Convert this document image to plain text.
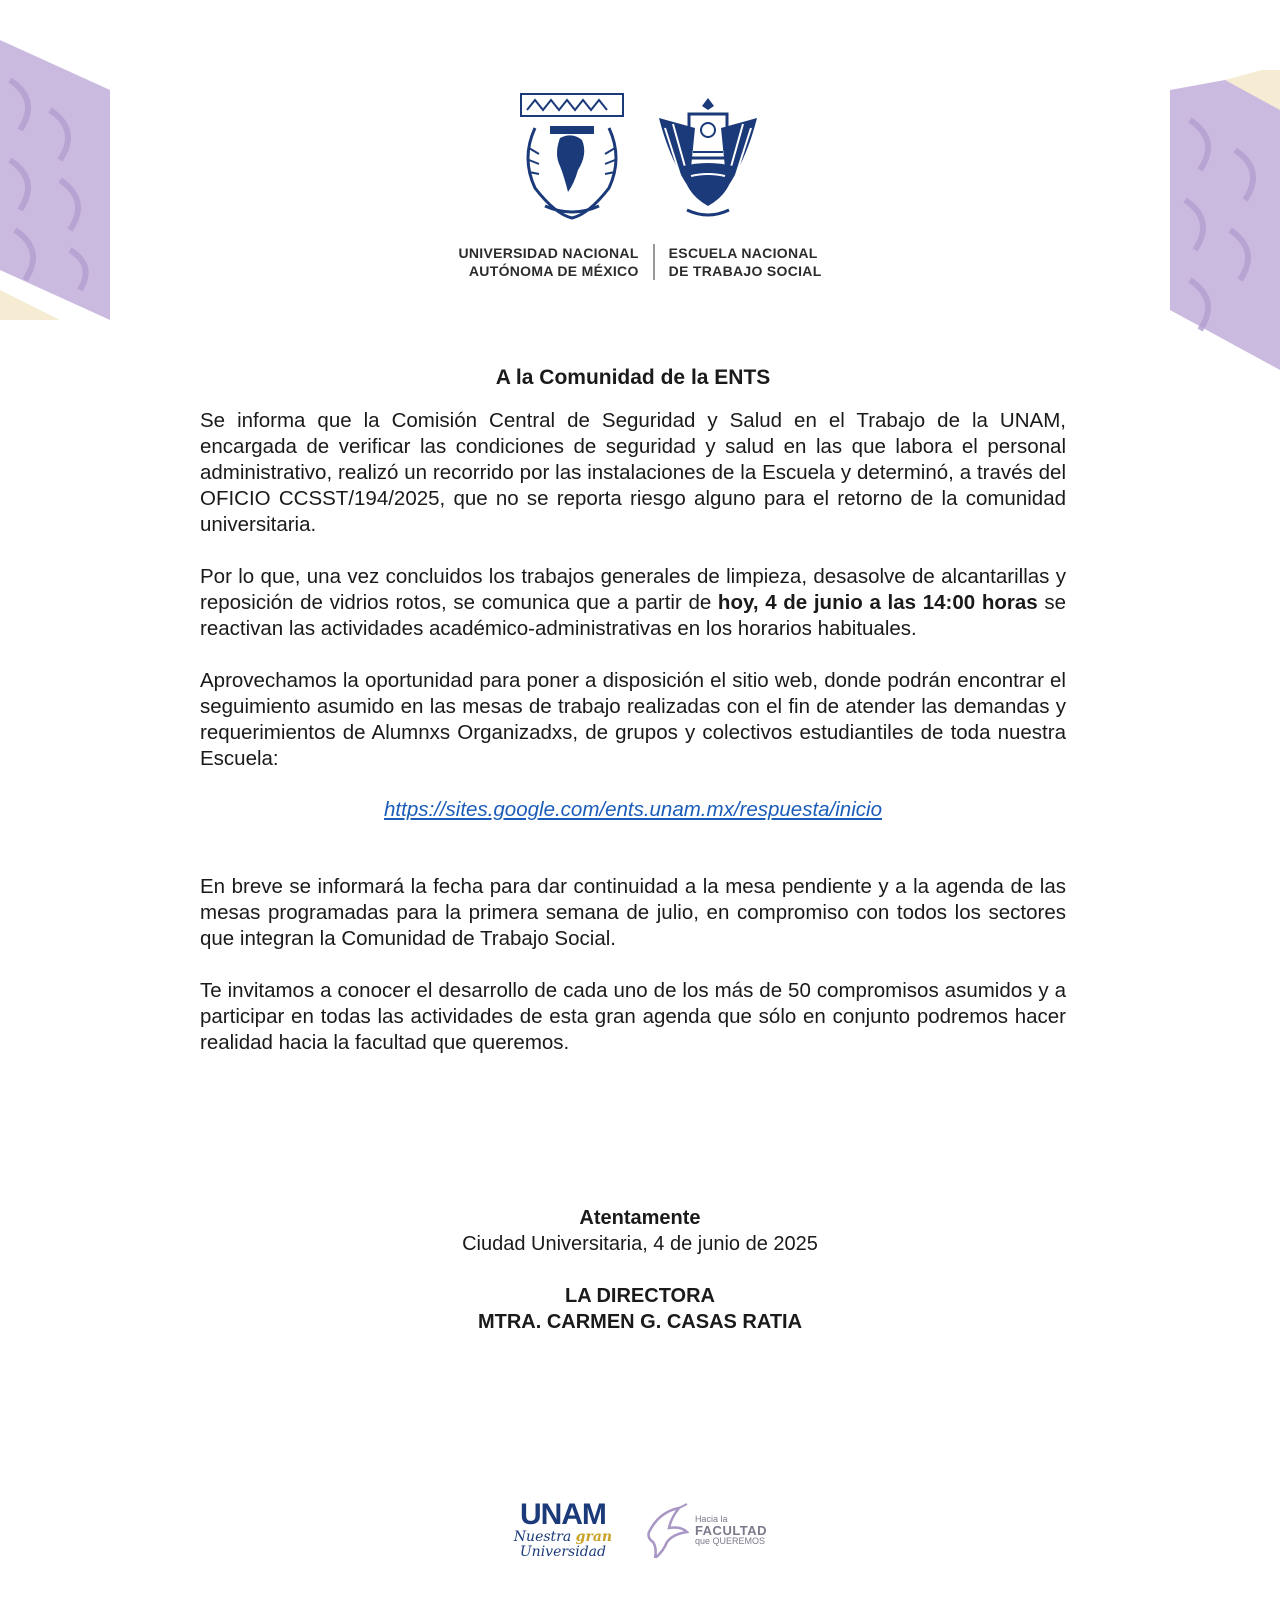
UNIVERSIDAD NACIONAL
AUTÓNOMA DE MÉXICO
ESCUELA NACIONAL
DE TRABAJO SOCIAL

A la Comunidad de la ENTS

Se informa que la Comisión Central de Seguridad y Salud en el Trabajo de la UNAM, encargada de verificar las condiciones de seguridad y salud en las que labora el personal administrativo, realizó un recorrido por las instalaciones de la Escuela y determinó, a través del OFICIO CCSST/194/2025, que no se reporta riesgo alguno para el retorno de la comunidad universitaria.

Por lo que, una vez concluidos los trabajos generales de limpieza, desasolve de alcantarillas y reposición de vidrios rotos, se comunica que a partir de hoy, 4 de junio a las 14:00 horas se reactivan las actividades académico-administrativas en los horarios habituales.

Aprovechamos la oportunidad para poner a disposición el sitio web, donde podrán encontrar el seguimiento asumido en las mesas de trabajo realizadas con el fin de atender las demandas y requerimientos de Alumnxs Organizadxs, de grupos y colectivos estudiantiles de toda nuestra Escuela:

https://sites.google.com/ents.unam.mx/respuesta/inicio

En breve se informará la fecha para dar continuidad a la mesa pendiente y a la agenda de las mesas programadas para la primera semana de julio, en compromiso con todos los sectores que integran la Comunidad de Trabajo Social.

Te invitamos a conocer el desarrollo de cada uno de los más de 50 compromisos asumidos y a participar en todas las actividades de esta gran agenda que sólo en conjunto podremos hacer realidad hacia la facultad que queremos.

Atentamente
Ciudad Universitaria, 4 de junio de 2025
LA DIRECTORA
MTRA. CARMEN G. CASAS RATIA
UNAM
Nuestra gran
Universidad
Hacia la
FACULTAD
que QUEREMOS
